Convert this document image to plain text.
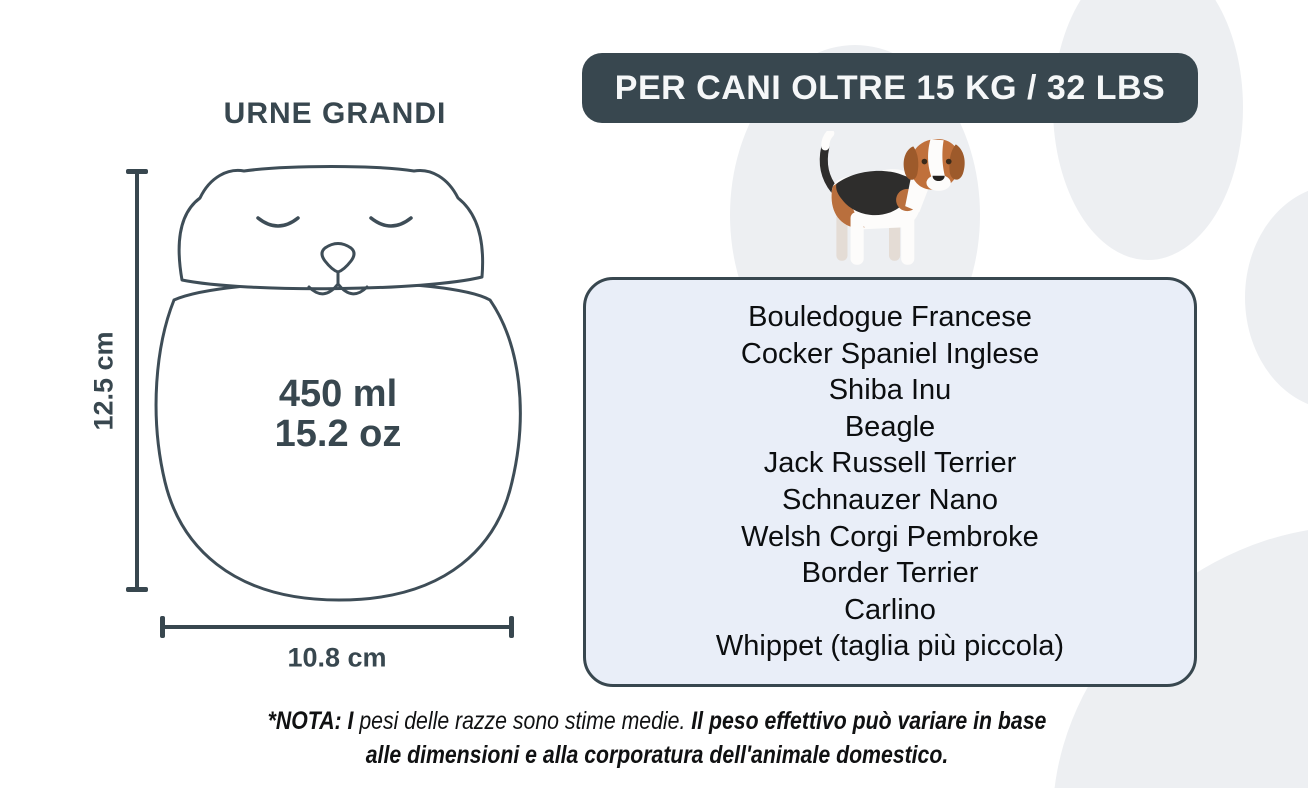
URNE GRANDI
450 ml
15.2 oz
12.5 cm
10.8 cm
PER CANI OLTRE 15 KG / 32 LBS
Bouledogue Francese
Cocker Spaniel Inglese
Shiba Inu
Beagle
Jack Russell Terrier
Schnauzer Nano
Welsh Corgi Pembroke
Border Terrier
Carlino
Whippet (taglia più piccola)
*NOTA: I pesi delle razze sono stime medie. Il peso effettivo può variare in base
alle dimensioni e alla corporatura dell'animale domestico.
